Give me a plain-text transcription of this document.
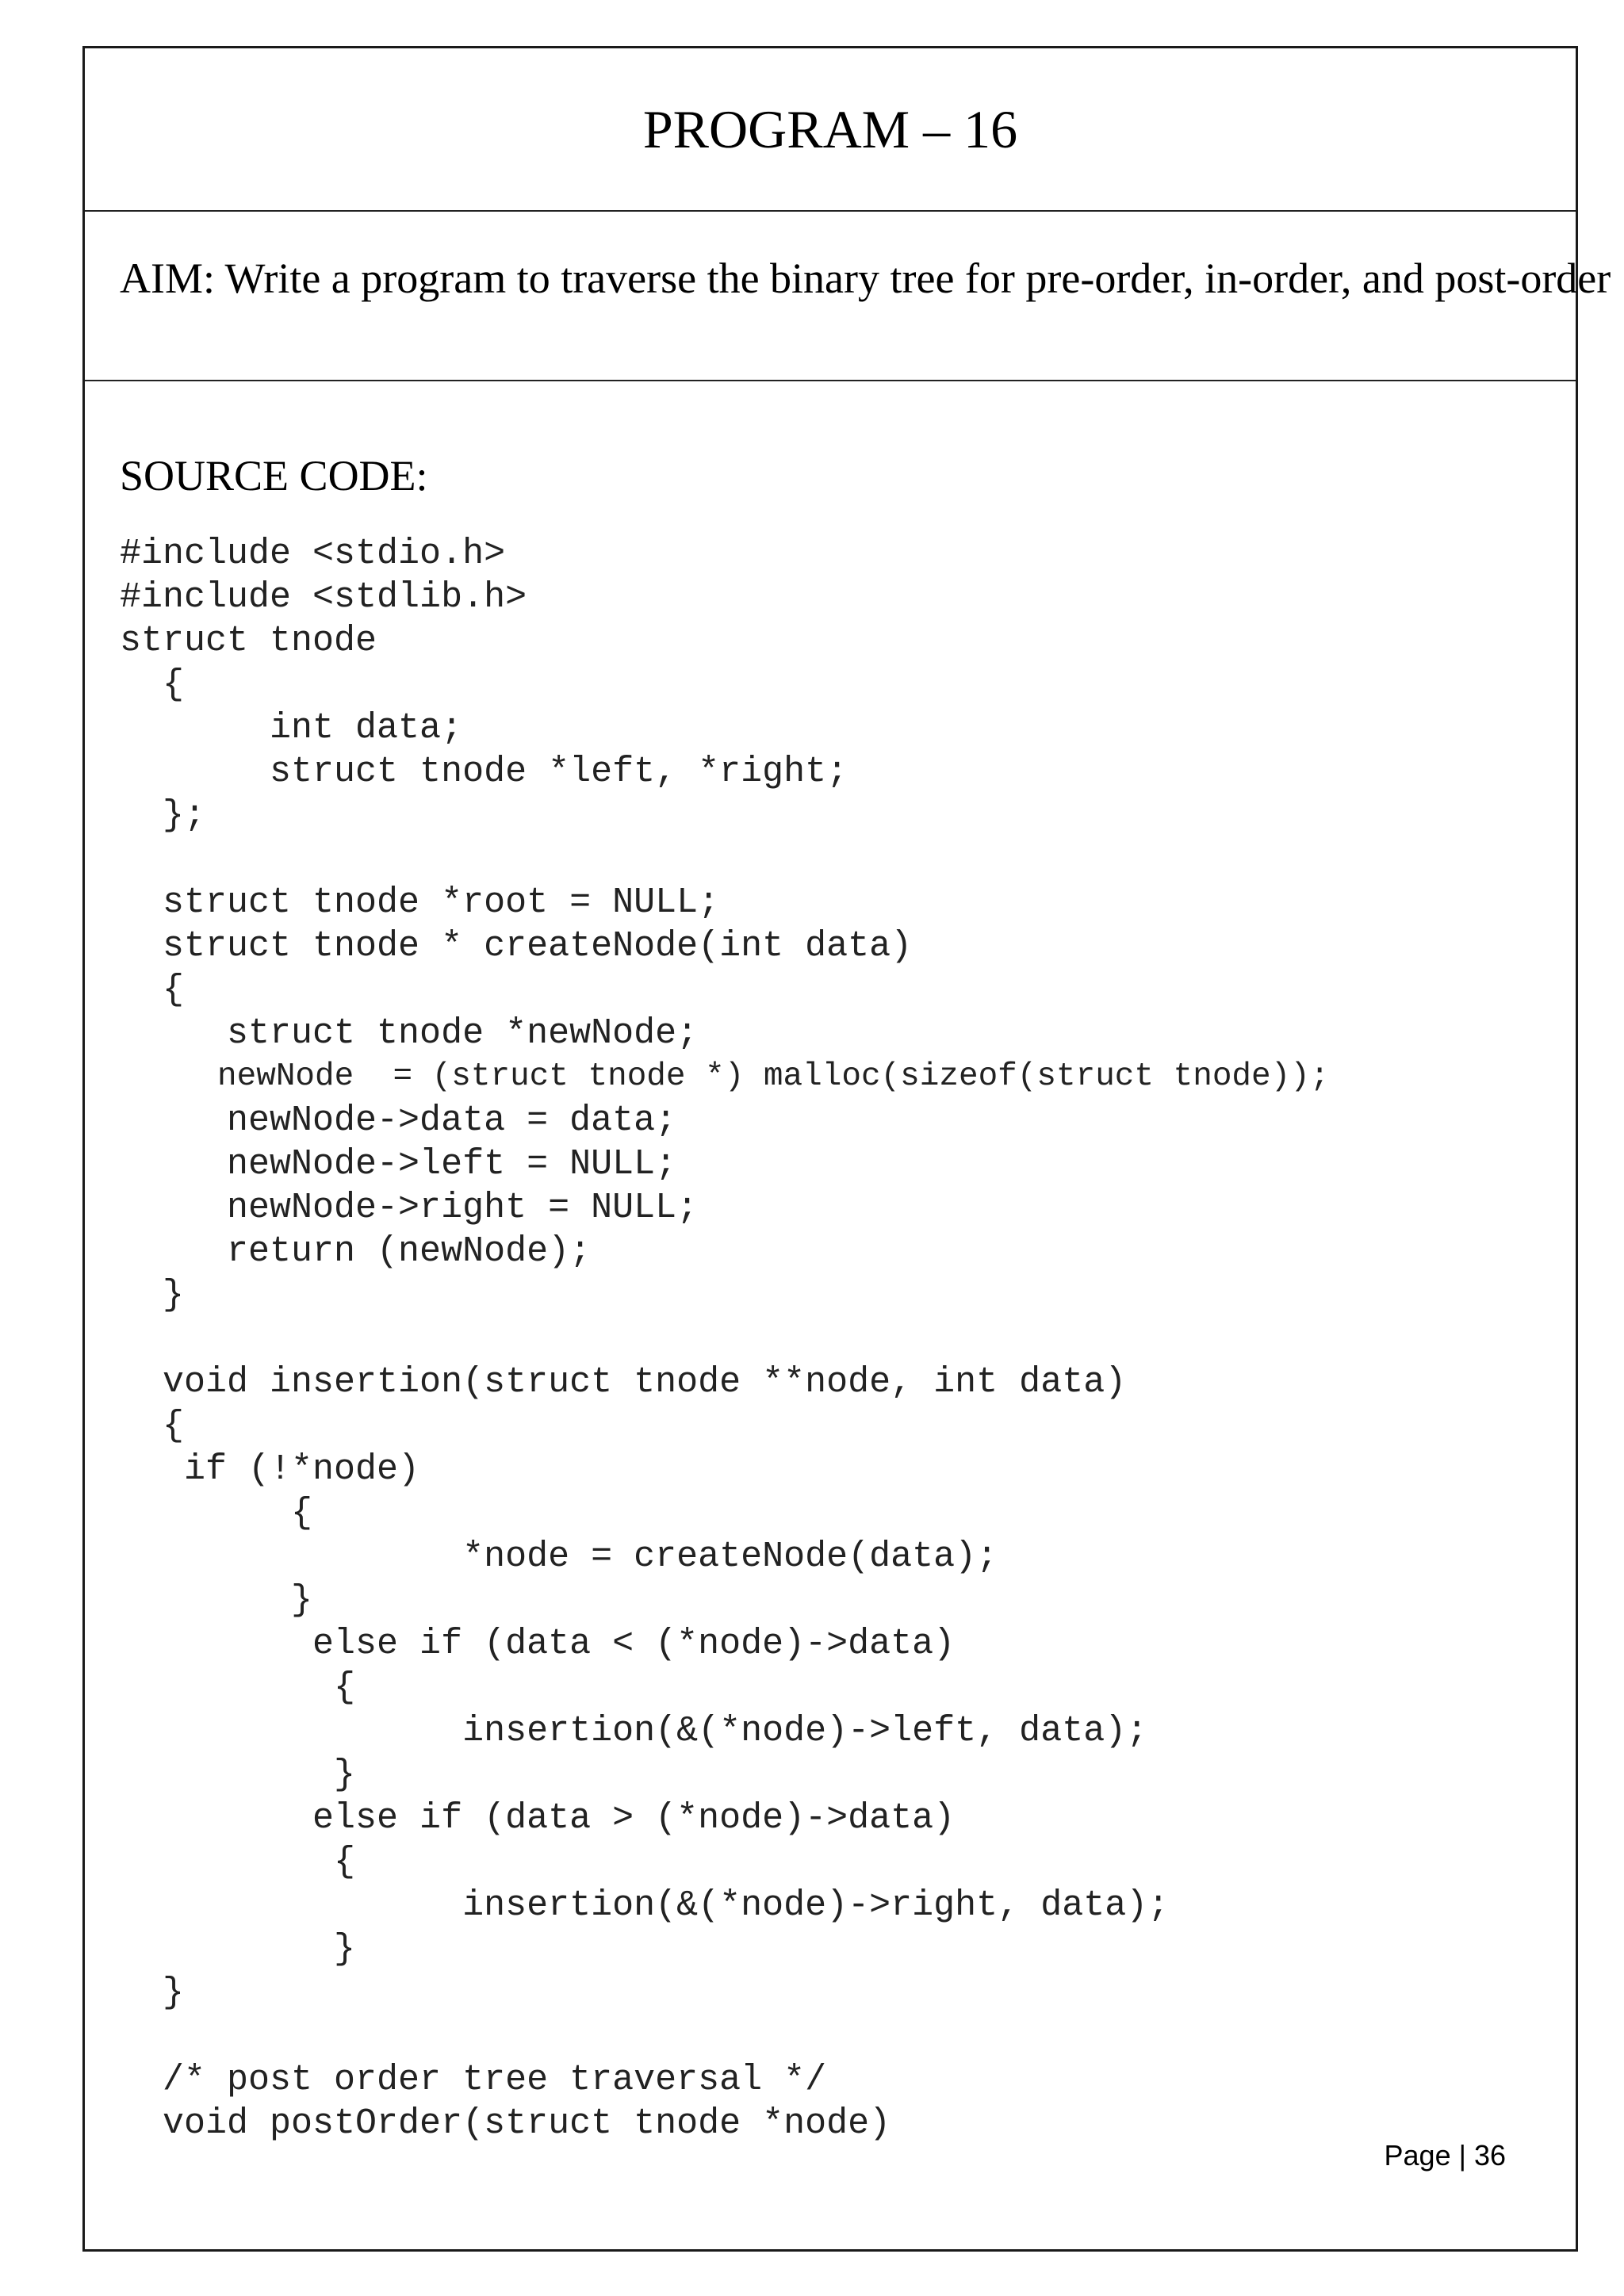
PROGRAM – 16
AIM: Write a program to traverse the binary tree for pre-order, in-order, and post-order
SOURCE CODE:
#include <stdio.h>
#include <stdlib.h>
struct tnode
{
int data;
struct tnode *left, *right;
};
struct tnode *root = NULL;
struct tnode * createNode(int data)
{
struct tnode *newNode;
newNode  = (struct tnode *) malloc(sizeof(struct tnode));
newNode->data = data;
newNode->left = NULL;
newNode->right = NULL;
return (newNode);
}
void insertion(struct tnode **node, int data)
{
if (!*node)
{
*node = createNode(data);
}
else if (data < (*node)->data)
{
insertion(&(*node)->left, data);
}
else if (data > (*node)->data)
{
insertion(&(*node)->right, data);
}
}
/* post order tree traversal */
void postOrder(struct tnode *node)
Page | 36
